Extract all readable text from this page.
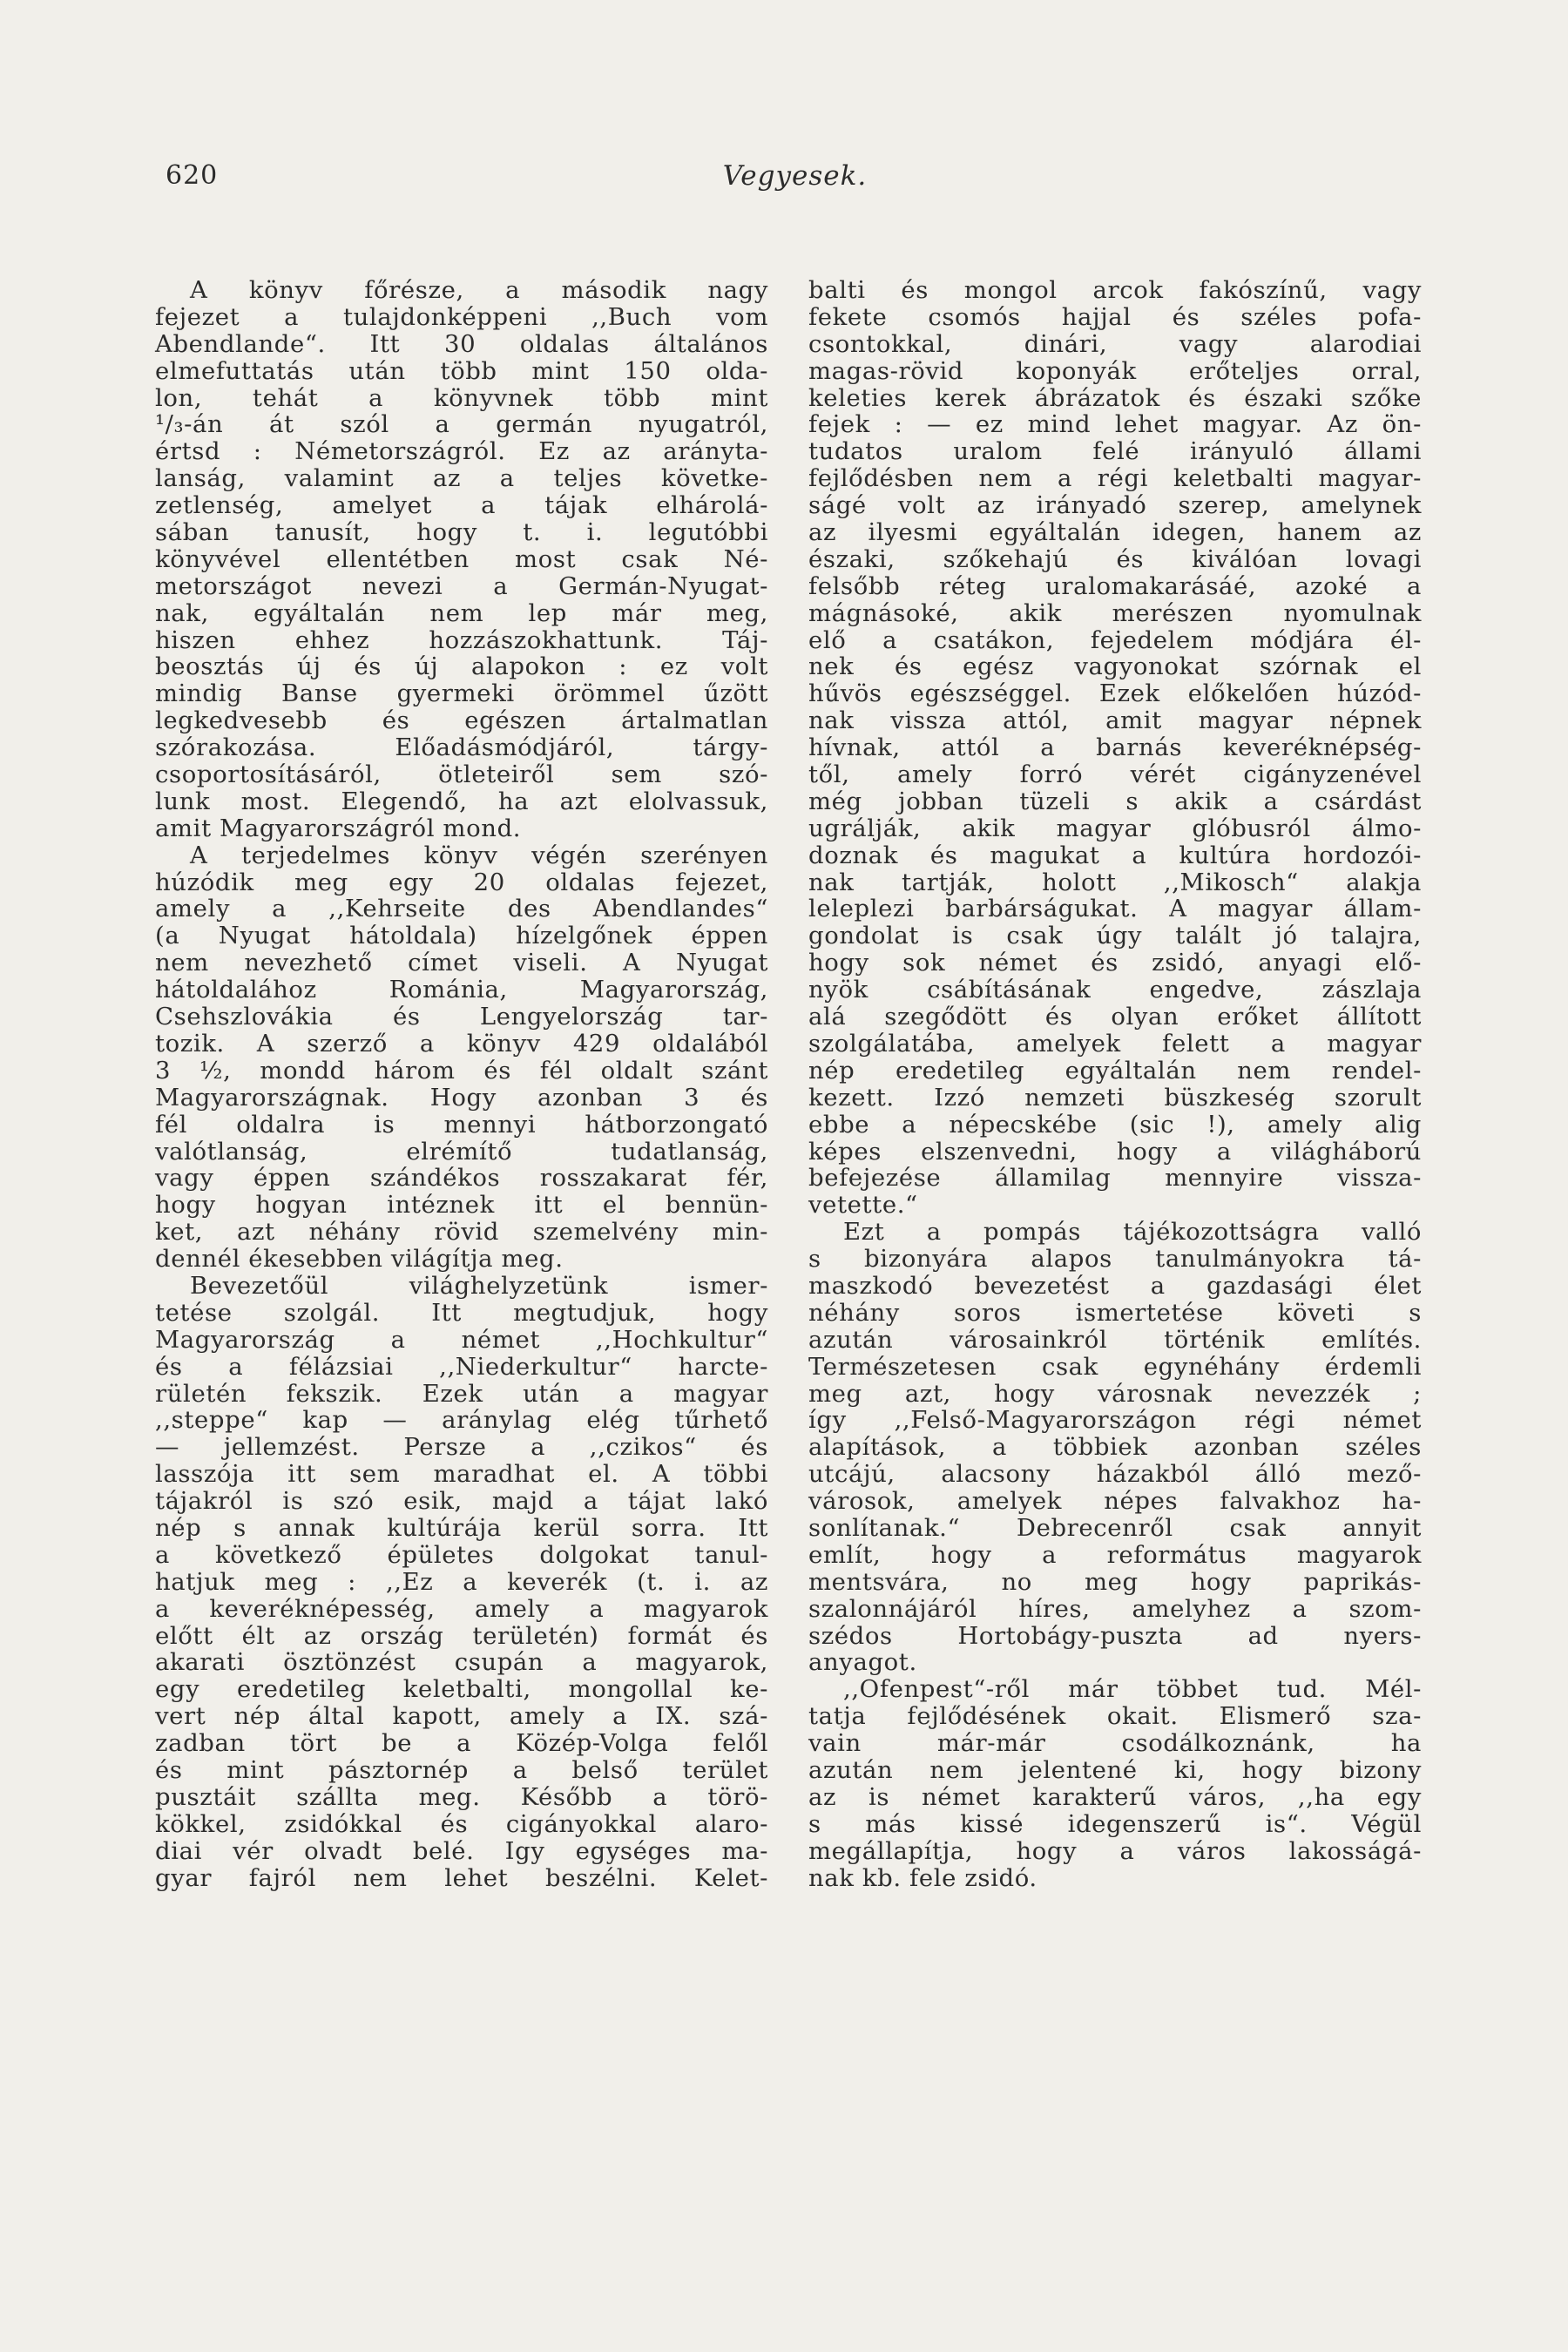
620	Vegyesek.
A könyv főrésze, a második nagy
fejezet a tulajdonképpeni ,,Buch vom
Abendlande“. Itt 30 oldalas általános
elmefuttatás után több mint 150 olda-
lon, tehát a könyvnek több mint
¹/₃-án át szól a germán nyugatról,
értsd : Németországról. Ez az arányta-
lanság, valamint az a teljes követke-
zetlenség, amelyet a tájak elhárolá-
sában tanusít, hogy t. i. legutóbbi
könyvével ellentétben most csak Né-
metországot nevezi a Germán-Nyugat-
nak, egyáltalán nem lep már meg,
hiszen ehhez hozzászokhattunk. Táj-
beosztás új és új alapokon : ez volt
mindig Banse gyermeki örömmel űzött
legkedvesebb és egészen ártalmatlan
szórakozása. Előadásmódjáról, tárgy-
csoportosításáról, ötleteiről sem szó-
lunk most. Elegendő, ha azt elolvassuk,
amit Magyarországról mond.
A terjedelmes könyv végén szerényen
húzódik meg egy 20 oldalas fejezet,
amely a ,,Kehrseite des Abendlandes“
(a Nyugat hátoldala) hízelgőnek éppen
nem nevezhető címet viseli. A Nyugat
hátoldalához Románia, Magyarország,
Csehszlovákia és Lengyelország tar-
tozik. A szerző a könyv 429 oldalából
3 ½, mondd három és fél oldalt szánt
Magyarországnak. Hogy azonban 3 és
fél oldalra is mennyi hátborzongató
valótlanság, elrémítő tudatlanság,
vagy éppen szándékos rosszakarat fér,
hogy hogyan intéznek itt el bennün-
ket, azt néhány rövid szemelvény min-
dennél ékesebben világítja meg.
Bevezetőül világhelyzetünk ismer-
tetése szolgál. Itt megtudjuk, hogy
Magyarország a német ,,Hochkultur“
és a félázsiai ,,Niederkultur“ harcte-
rületén fekszik. Ezek után a magyar
,,steppe“ kap — aránylag elég tűrhető
— jellemzést. Persze a ,,czikos“ és
lasszója itt sem maradhat el. A többi
tájakról is szó esik, majd a tájat lakó
nép s annak kultúrája kerül sorra. Itt
a következő épületes dolgokat tanul-
hatjuk meg : ,,Ez a keverék (t. i. az
a keveréknépesség, amely a magyarok
előtt élt az ország területén) formát és
akarati ösztönzést csupán a magyarok,
egy eredetileg keletbalti, mongollal ke-
vert nép által kapott, amely a IX. szá-
zadban tört be a Közép-Volga felől
és mint pásztornép a belső terület
pusztáit szállta meg. Később a törö-
kökkel, zsidókkal és cigányokkal alaro-
diai vér olvadt belé. Igy egységes ma-
gyar fajról nem lehet beszélni. Kelet-
balti és mongol arcok fakószínű, vagy
fekete csomós hajjal és széles pofa-
csontokkal, dinári, vagy alarodiai
magas-rövid koponyák erőteljes orral,
keleties kerek ábrázatok és északi szőke
fejek : — ez mind lehet magyar. Az ön-
tudatos uralom felé irányuló állami
fejlődésben nem a régi keletbalti magyar-
ságé volt az irányadó szerep, amelynek
az ilyesmi egyáltalán idegen, hanem az
északi, szőkehajú és kiválóan lovagi
felsőbb réteg uralomakarásáé, azoké a
mágnásoké, akik merészen nyomulnak
elő a csatákon, fejedelem módjára él-
nek és egész vagyonokat szórnak el
hűvös egészséggel. Ezek előkelően húzód-
nak vissza attól, amit magyar népnek
hívnak, attól a barnás keveréknépség-
től, amely forró vérét cigányzenével
még jobban tüzeli s akik a csárdást
ugrálják, akik magyar glóbusról álmo-
doznak és magukat a kultúra hordozói-
nak tartják, holott ,,Mikosch“ alakja
leleplezi barbárságukat. A magyar állam-
gondolat is csak úgy talált jó talajra,
hogy sok német és zsidó, anyagi elő-
nyök csábításának engedve, zászlaja
alá szegődött és olyan erőket állított
szolgálatába, amelyek felett a magyar
nép eredetileg egyáltalán nem rendel-
kezett. Izzó nemzeti büszkeség szorult
ebbe a népecskébe (sic !), amely alig
képes elszenvedni, hogy a világháború
befejezése államilag mennyire vissza-
vetette.“
Ezt a pompás tájékozottságra valló
s bizonyára alapos tanulmányokra tá-
maszkodó bevezetést a gazdasági élet
néhány soros ismertetése követi s
azután városainkról történik említés.
Természetesen csak egynéhány érdemli
meg azt, hogy városnak nevezzék ;
így ,,Felső-Magyarországon régi német
alapítások, a többiek azonban széles
utcájú, alacsony házakból álló mező-
városok, amelyek népes falvakhoz ha-
sonlítanak.“ Debrecenről csak annyit
említ, hogy a református magyarok
mentsvára, no meg hogy paprikás-
szalonnájáról híres, amelyhez a szom-
szédos Hortobágy-puszta ad nyers-
anyagot.
,,Ofenpest“-ről már többet tud. Mél-
tatja fejlődésének okait. Elismerő sza-
vain már-már csodálkoznánk, ha
azután nem jelentené ki, hogy bizony
az is német karakterű város, ,,ha egy
s más kissé idegenszerű is“. Végül
megállapítja, hogy a város lakosságá-
nak kb. fele zsidó.
